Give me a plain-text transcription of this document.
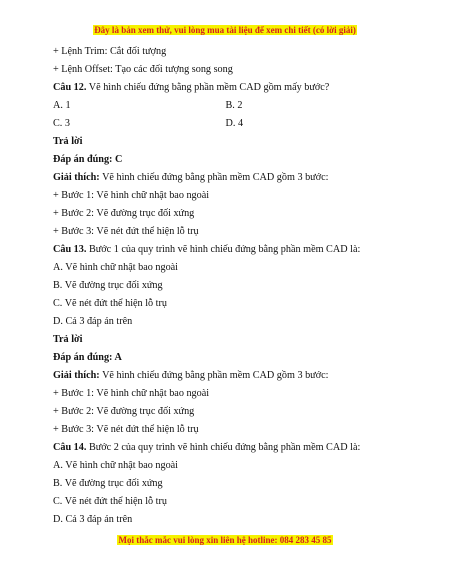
Đây là bản xem thử, vui lòng mua tài liệu để xem chi tiết (có lời giải)
+ Lệnh Trim: Cắt đối tượng
+ Lệnh Offset: Tạo các đối tượng song song
Câu 12. Vẽ hình chiếu đứng bằng phần mềm CAD gồm mấy bước?
A. 1	B. 2
C. 3	D. 4
Trả lời
Đáp án đúng: C
Giải thích: Vẽ hình chiếu đứng bằng phần mềm CAD gồm 3 bước:
+ Bước 1: Vẽ hình chữ nhật bao ngoài
+ Bước 2: Vẽ đường trục đối xứng
+ Bước 3: Vẽ nét đứt thể hiện lỗ trụ
Câu 13. Bước 1 của quy trình vẽ hình chiếu đứng bằng phần mềm CAD là:
A. Vẽ hình chữ nhật bao ngoài
B. Vẽ đường trục đối xứng
C. Vẽ nét đứt thể hiện lỗ trụ
D. Cả 3 đáp án trên
Trả lời
Đáp án đúng: A
Giải thích: Vẽ hình chiếu đứng bằng phần mềm CAD gồm 3 bước:
+ Bước 1: Vẽ hình chữ nhật bao ngoài
+ Bước 2: Vẽ đường trục đối xứng
+ Bước 3: Vẽ nét đứt thể hiện lỗ trụ
Câu 14. Bước 2 của quy trình vẽ hình chiếu đứng bằng phần mềm CAD là:
A. Vẽ hình chữ nhật bao ngoài
B. Vẽ đường trục đối xứng
C. Vẽ nét đứt thể hiện lỗ trụ
D. Cả 3 đáp án trên
Mọi thắc mắc vui lòng xin liên hệ hotline: 084 283 45 85
